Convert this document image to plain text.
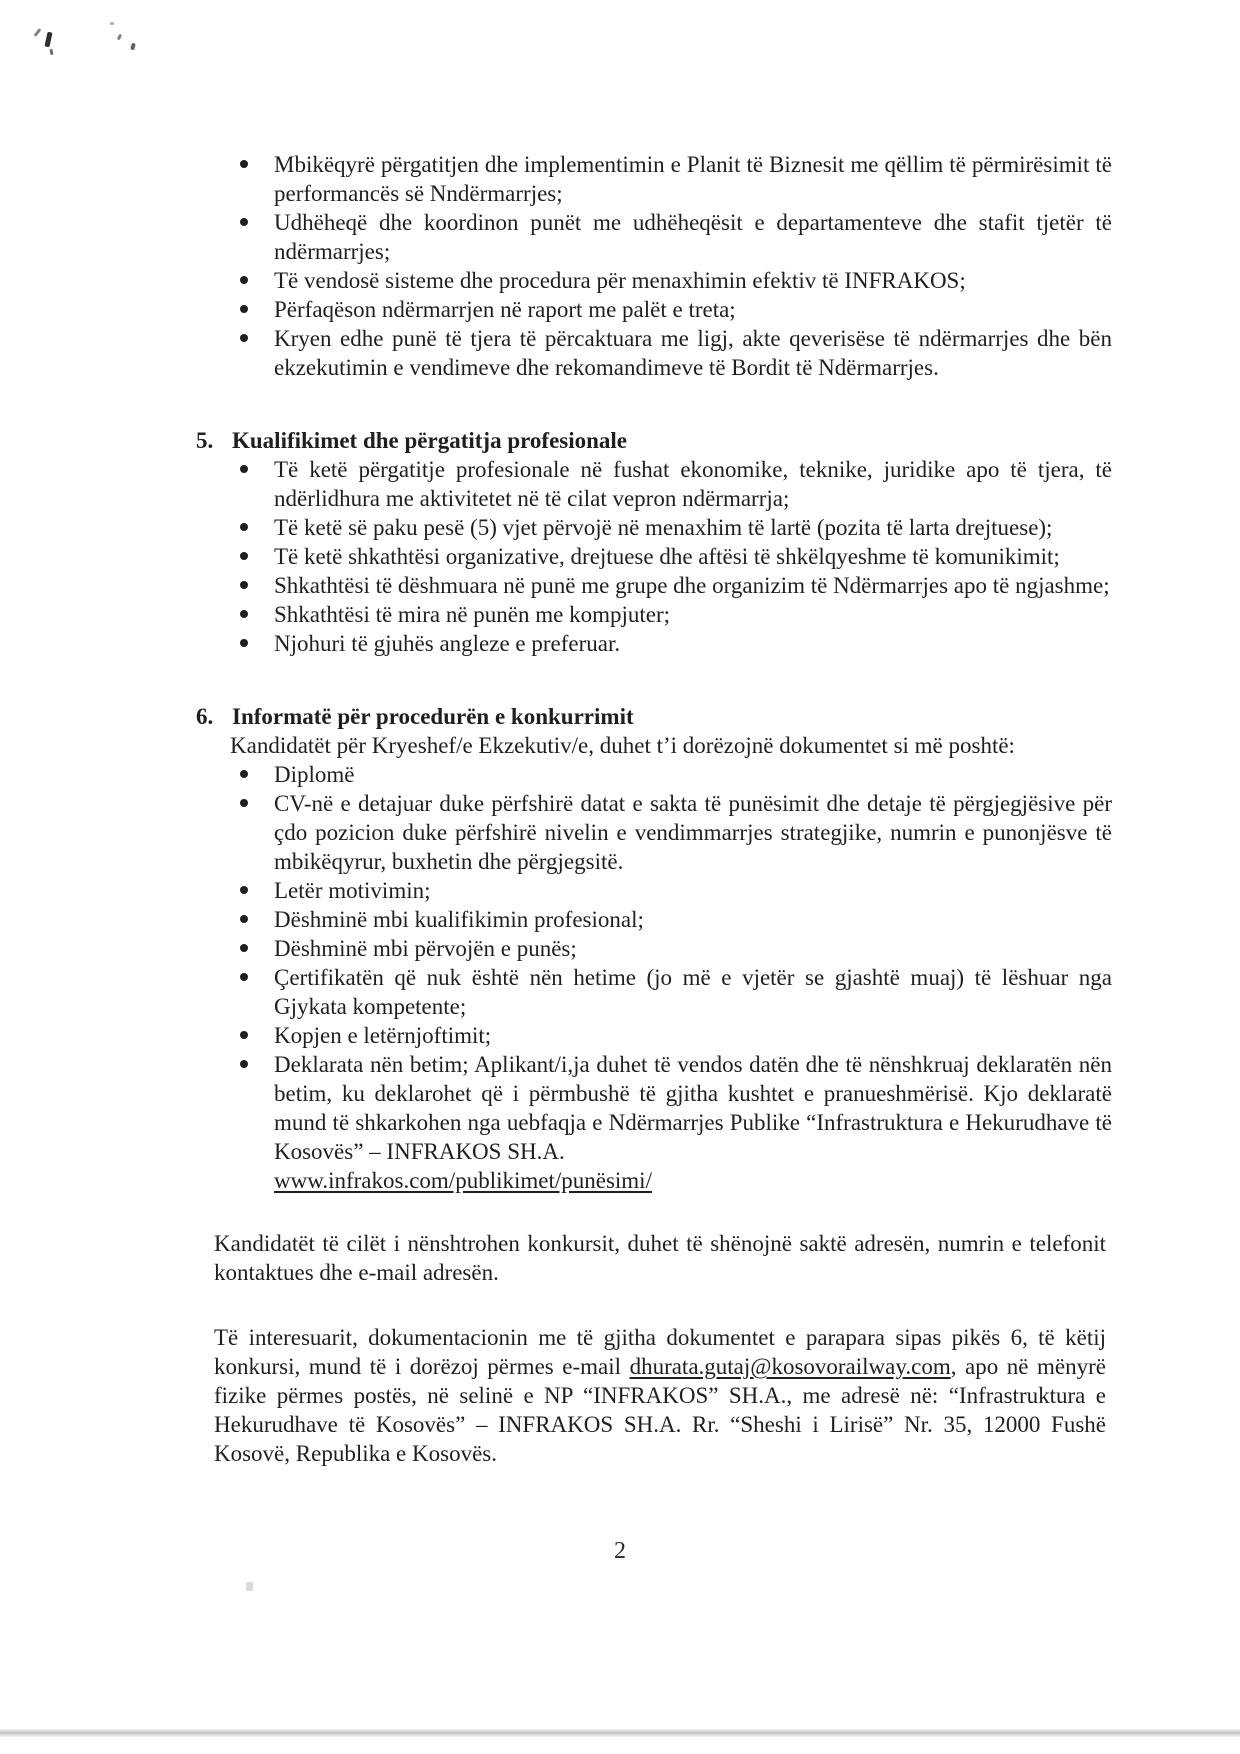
Mbikëqyrë përgatitjen dhe implementimin e Planit të Biznesit me qëllim të përmirësimit të performancës së Nndërmarrjes;
Udhëheqë dhe koordinon punët me udhëheqësit e departamenteve dhe stafit tjetër të ndërmarrjes;
Të vendosë sisteme dhe procedura për menaxhimin efektiv të INFRAKOS;
Përfaqëson ndërmarrjen në raport me palët e treta;
Kryen edhe punë të tjera të përcaktuara me ligj, akte qeverisëse të ndërmarrjes dhe bën ekzekutimin e vendimeve dhe rekomandimeve të Bordit të Ndërmarrjes.
5. Kualifikimet dhe përgatitja profesionale
Të ketë përgatitje profesionale në fushat ekonomike, teknike, juridike apo të tjera, të ndërlidhura me aktivitetet në të cilat vepron ndërmarrja;
Të ketë së paku pesë (5) vjet përvojë në menaxhim të lartë (pozita të larta drejtuese);
Të ketë shkathtësi organizative, drejtuese dhe aftësi të shkëlqyeshme të komunikimit;
Shkathtësi të dëshmuara në punë me grupe dhe organizim të Ndërmarrjes apo të ngjashme;
Shkathtësi të mira në punën me kompjuter;
Njohuri të gjuhës angleze e preferuar.
6. Informatë për procedurën e konkurrimit
Kandidatët për Kryeshef/e Ekzekutiv/e, duhet t’i dorëzojnë dokumentet si më poshtë:
Diplomë
CV-në e detajuar duke përfshirë datat e sakta të punësimit dhe detaje të përgjegjësive për çdo pozicion duke përfshirë nivelin e vendimmarrjes strategjike, numrin e punonjësve të mbikëqyrur, buxhetin dhe përgjegsitë.
Letër motivimin;
Dëshminë mbi kualifikimin profesional;
Dëshminë mbi përvojën e punës;
Çertifikatën që nuk është nën hetime (jo më e vjetër se gjashtë muaj) të lëshuar nga Gjykata kompetente;
Kopjen e letërnjoftimit;
Deklarata nën betim; Aplikant/i,ja duhet të vendos datën dhe të nënshkruaj deklaratën nën betim, ku deklarohet që i përmbushë të gjitha kushtet e pranueshmërisë. Kjo deklaratë mund të shkarkohen nga uebfaqja e Ndërmarrjes Publike “Infrastruktura e Hekurudhave të Kosovës” – INFRAKOS SH.A.
www.infrakos.com/publikimet/punësimi/
Kandidatët të cilët i nënshtrohen konkursit, duhet të shënojnë saktë adresën, numrin e telefonit kontaktues dhe e-mail adresën.
Të interesuarit, dokumentacionin me të gjitha dokumentet e parapara sipas pikës 6, të këtij konkursi, mund të i dorëzoj përmes e-mail dhurata.gutaj@kosovorailway.com, apo në mënyrë fizike përmes postës, në selinë e NP “INFRAKOS” SH.A., me adresë në: “Infrastruktura e Hekurudhave të Kosovës” – INFRAKOS SH.A. Rr. “Sheshi i Lirisë” Nr. 35, 12000 Fushë Kosovë, Republika e Kosovës.
2
